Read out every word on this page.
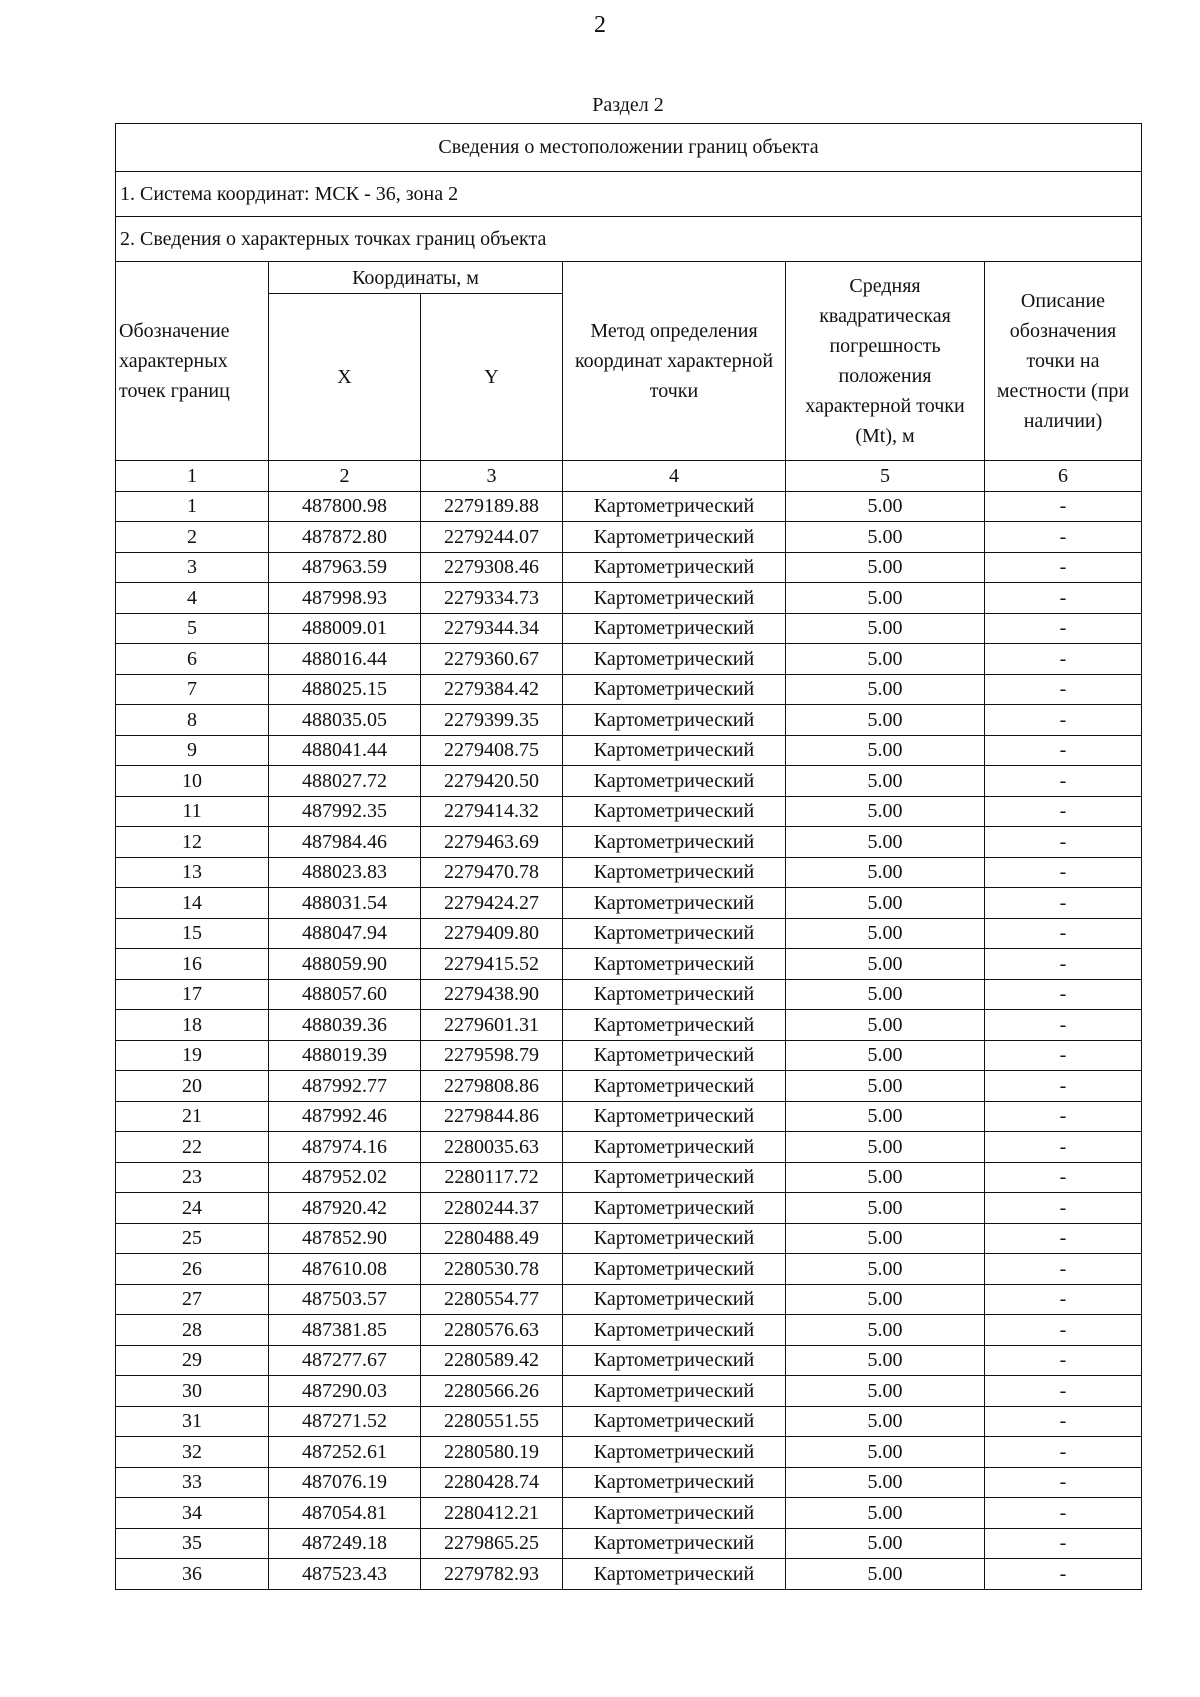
2
Раздел 2
Сведения о местоположении границ объекта					
1. Система координат: МСК - 36, зона 2					
2. Сведения о характерных точках границ объекта					
Обозначение характерных точек границ	Координаты, м		Метод определения координат характерной точки	Средняя квадратическая погрешность положения характерной точки (Mt), м	Описание обозначения точки на местности (при наличии)
	X	Y			
1	2	3	4	5	6
1	487800.98	2279189.88	Картометрический	5.00	-
2	487872.80	2279244.07	Картометрический	5.00	-
3	487963.59	2279308.46	Картометрический	5.00	-
4	487998.93	2279334.73	Картометрический	5.00	-
5	488009.01	2279344.34	Картометрический	5.00	-
6	488016.44	2279360.67	Картометрический	5.00	-
7	488025.15	2279384.42	Картометрический	5.00	-
8	488035.05	2279399.35	Картометрический	5.00	-
9	488041.44	2279408.75	Картометрический	5.00	-
10	488027.72	2279420.50	Картометрический	5.00	-
11	487992.35	2279414.32	Картометрический	5.00	-
12	487984.46	2279463.69	Картометрический	5.00	-
13	488023.83	2279470.78	Картометрический	5.00	-
14	488031.54	2279424.27	Картометрический	5.00	-
15	488047.94	2279409.80	Картометрический	5.00	-
16	488059.90	2279415.52	Картометрический	5.00	-
17	488057.60	2279438.90	Картометрический	5.00	-
18	488039.36	2279601.31	Картометрический	5.00	-
19	488019.39	2279598.79	Картометрический	5.00	-
20	487992.77	2279808.86	Картометрический	5.00	-
21	487992.46	2279844.86	Картометрический	5.00	-
22	487974.16	2280035.63	Картометрический	5.00	-
23	487952.02	2280117.72	Картометрический	5.00	-
24	487920.42	2280244.37	Картометрический	5.00	-
25	487852.90	2280488.49	Картометрический	5.00	-
26	487610.08	2280530.78	Картометрический	5.00	-
27	487503.57	2280554.77	Картометрический	5.00	-
28	487381.85	2280576.63	Картометрический	5.00	-
29	487277.67	2280589.42	Картометрический	5.00	-
30	487290.03	2280566.26	Картометрический	5.00	-
31	487271.52	2280551.55	Картометрический	5.00	-
32	487252.61	2280580.19	Картометрический	5.00	-
33	487076.19	2280428.74	Картометрический	5.00	-
34	487054.81	2280412.21	Картометрический	5.00	-
35	487249.18	2279865.25	Картометрический	5.00	-
36	487523.43	2279782.93	Картометрический	5.00	-
